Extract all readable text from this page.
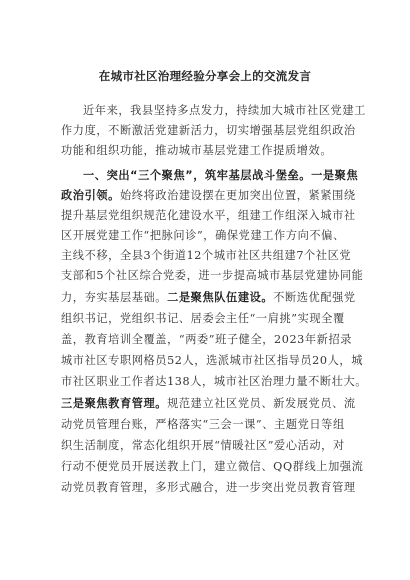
在城市社区治理经验分享会上的交流发言
近年来，我县坚持多点发力，持续加大城市社区党建工
作力度，不断激活党建新活力，切实增强基层党组织政治
功能和组织功能，推动城市基层党建工作提质增效。
一、突出“三个聚焦”，筑牢基层战斗堡垒。一是聚焦
政治引领。始终将政治建设摆在更加突出位置，紧紧围绕
提升基层党组织规范化建设水平，组建工作组深入城市社
区开展党建工作“把脉问诊”，确保党建工作方向不偏、
主线不移，全县3个街道12个城市社区共组建7个社区党
支部和5个社区综合党委，进一步提高城市基层党建协同能
力，夯实基层基础。二是聚焦队伍建设。不断选优配强党
组织书记，党组织书记、居委会主任“一肩挑”实现全覆
盖，教育培训全覆盖，“两委”班子健全，2023年新招录
城市社区专职网格员52人，选派城市社区指导员20人，城
市社区职业工作者达138人，城市社区治理力量不断壮大。
三是聚焦教育管理。规范建立社区党员、新发展党员、流
动党员管理台账，严格落实“三会一课”、主题党日等组
织生活制度，常态化组织开展“情暖社区”爱心活动，对
行动不便党员开展送教上门，建立微信、QQ群线上加强流
动党员教育管理，多形式融合，进一步突出党员教育管理
